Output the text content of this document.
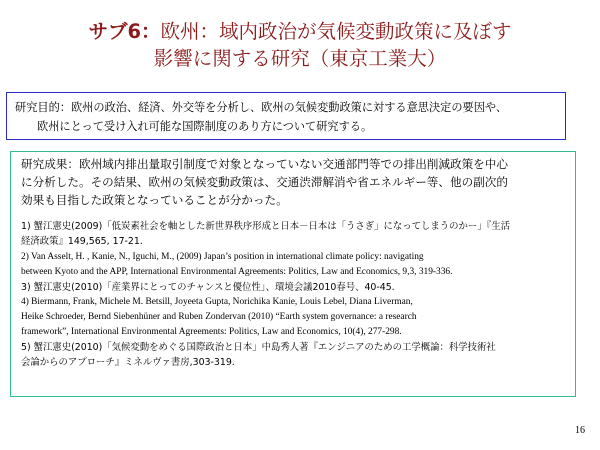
サブ6：欧州：域内政治が気候変動政策に及ぼす
影響に関する研究（東京工業大）
研究目的：欧州の政治、経済、外交等を分析し、欧州の気候変動政策に対する意思決定の要因や、
欧州にとって受け入れ可能な国際制度のあり方について研究する。
研究成果：欧州域内排出量取引制度で対象となっていない交通部門等での排出削減政策を中心
に分析した。その結果、欧州の気候変動政策は、交通渋滞解消や省エネルギー等、他の副次的
効果も目指した政策となっていることが分かった。
1) 蟹江憲史(2009)「低炭素社会を軸とした新世界秩序形成と日本－日本は「うさぎ」になってしまうのかー」『生活
経済政策』149,565, 17-21.
2) Van Asselt, H. , Kanie, N., Iguchi, M., (2009) Japan’s position in international climate policy: navigating
between Kyoto and the APP, International Environmental Agreements: Politics, Law and Economics, 9,3, 319-336.
3) 蟹江憲史(2010)「産業界にとってのチャンスと優位性」、環境会議2010春号、40-45.
4) Biermann, Frank, Michele M. Betsill, Joyeeta Gupta, Norichika Kanie, Louis Lebel, Diana Liverman,
Heike Schroeder, Bernd Siebenhüner and Ruben Zondervan (2010) “Earth system governance: a research
framework”, International Environmental Agreements: Politics, Law and Economics, 10(4), 277-298.
5) 蟹江憲史(2010)「気候変動をめぐる国際政治と日本」中島秀人著『エンジニアのための工学概論：科学技術社
会論からのアプローチ』ミネルヴァ書房,303-319.
16
